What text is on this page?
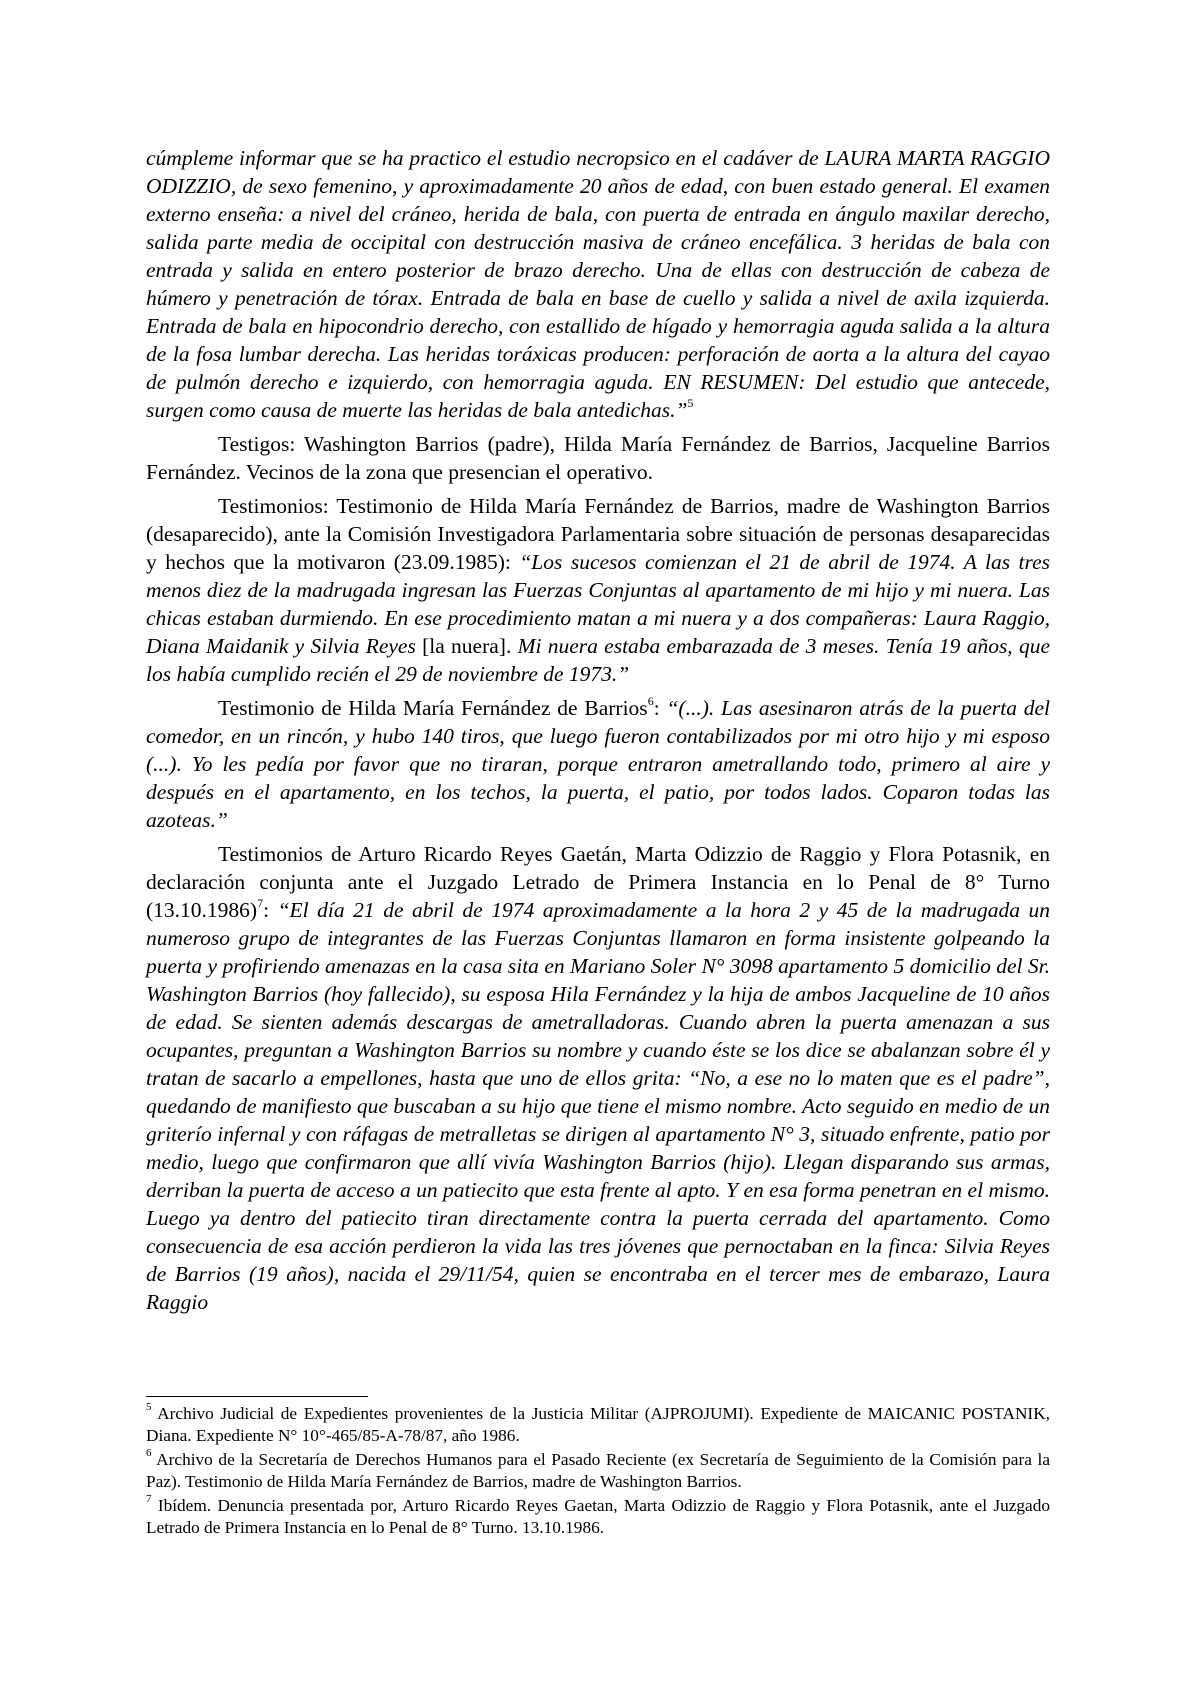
cúmpleme informar que se ha practico el estudio necropsico en el cadáver de LAURA MARTA RAGGIO ODIZZIO, de sexo femenino, y aproximadamente 20 años de edad, con buen estado general. El examen externo enseña: a nivel del cráneo, herida de bala, con puerta de entrada en ángulo maxilar derecho, salida parte media de occipital con destrucción masiva de cráneo encefálica. 3 heridas de bala con entrada y salida en entero posterior de brazo derecho. Una de ellas con destrucción de cabeza de húmero y penetración de tórax. Entrada de bala en base de cuello y salida a nivel de axila izquierda. Entrada de bala en hipocondrio derecho, con estallido de hígado y hemorragia aguda salida a la altura de la fosa lumbar derecha. Las heridas toráxicas producen: perforación de aorta a la altura del cayao de pulmón derecho e izquierdo, con hemorragia aguda. EN RESUMEN: Del estudio que antecede, surgen como causa de muerte las heridas de bala antedichas.”$^5$

Testigos: Washington Barrios (padre), Hilda María Fernández de Barrios, Jacqueline Barrios Fernández. Vecinos de la zona que presencian el operativo.

Testimonios: Testimonio de Hilda María Fernández de Barrios, madre de Washington Barrios (desaparecido), ante la Comisión Investigadora Parlamentaria sobre situación de personas desaparecidas y hechos que la motivaron (23.09.1985): “Los sucesos comienzan el 21 de abril de 1974. A las tres menos diez de la madrugada ingresan las Fuerzas Conjuntas al apartamento de mi hijo y mi nuera. Las chicas estaban durmiendo. En ese procedimiento matan a mi nuera y a dos compañeras: Laura Raggio, Diana Maidanik y Silvia Reyes [la nuera]. Mi nuera estaba embarazada de 3 meses. Tenía 19 años, que los había cumplido recién el 29 de noviembre de 1973.”

Testimonio de Hilda María Fernández de Barrios$^6$: “(...). Las asesinaron atrás de la puerta del comedor, en un rincón, y hubo 140 tiros, que luego fueron contabilizados por mi otro hijo y mi esposo (...). Yo les pedía por favor que no tiraran, porque entraron ametrallando todo, primero al aire y después en el apartamento, en los techos, la puerta, el patio, por todos lados. Coparon todas las azoteas.”

Testimonios de Arturo Ricardo Reyes Gaetán, Marta Odizzio de Raggio y Flora Potasnik, en declaración conjunta ante el Juzgado Letrado de Primera Instancia en lo Penal de 8° Turno $(13.10.1986)^7$: “El día 21 de abril de 1974 aproximadamente a la hora 2 y 45 de la madrugada un numeroso grupo de integrantes de las Fuerzas Conjuntas llamaron en forma insistente golpeando la puerta y profiriendo amenazas en la casa sita en Mariano Soler N° 3098 apartamento 5 domicilio del Sr. Washington Barrios (hoy fallecido), su esposa Hila Fernández y la hija de ambos Jacqueline de 10 años de edad. Se sienten además descargas de ametralladoras. Cuando abren la puerta amenazan a sus ocupantes, preguntan a Washington Barrios su nombre y cuando éste se los dice se abalanzan sobre él y tratan de sacarlo a empellones, hasta que uno de ellos grita: “No, a ese no lo maten que es el padre”, quedando de manifiesto que buscaban a su hijo que tiene el mismo nombre. Acto seguido en medio de un griterío infernal y con ráfagas de metralletas se dirigen al apartamento N° 3, situado enfrente, patio por medio, luego que confirmaron que allí vivía Washington Barrios (hijo). Llegan disparando sus armas, derriban la puerta de acceso a un patiecito que esta frente al apto. Y en esa forma penetran en el mismo. Luego ya dentro del patiecito tiran directamente contra la puerta cerrada del apartamento. Como consecuencia de esa acción perdieron la vida las tres jóvenes que pernoctaban en la finca: Silvia Reyes de Barrios (19 años), nacida el 29/11/54, quien se encontraba en el tercer mes de embarazo, Laura Raggio

$^5$ Archivo Judicial de Expedientes provenientes de la Justicia Militar (AJPROJUMI). Expediente de MAICANIC POSTANIK, Diana. Expediente N° 10°-465/85-A-78/87, año 1986.

$^6$ Archivo de la Secretaría de Derechos Humanos para el Pasado Reciente (ex Secretaría de Seguimiento de la Comisión para la Paz). Testimonio de Hilda María Fernández de Barrios, madre de Washington Barrios.

$^7$ Ibídem. Denuncia presentada por, Arturo Ricardo Reyes Gaetan, Marta Odizzio de Raggio y Flora Potasnik, ante el Juzgado Letrado de Primera Instancia en lo Penal de 8° Turno. 13.10.1986.
